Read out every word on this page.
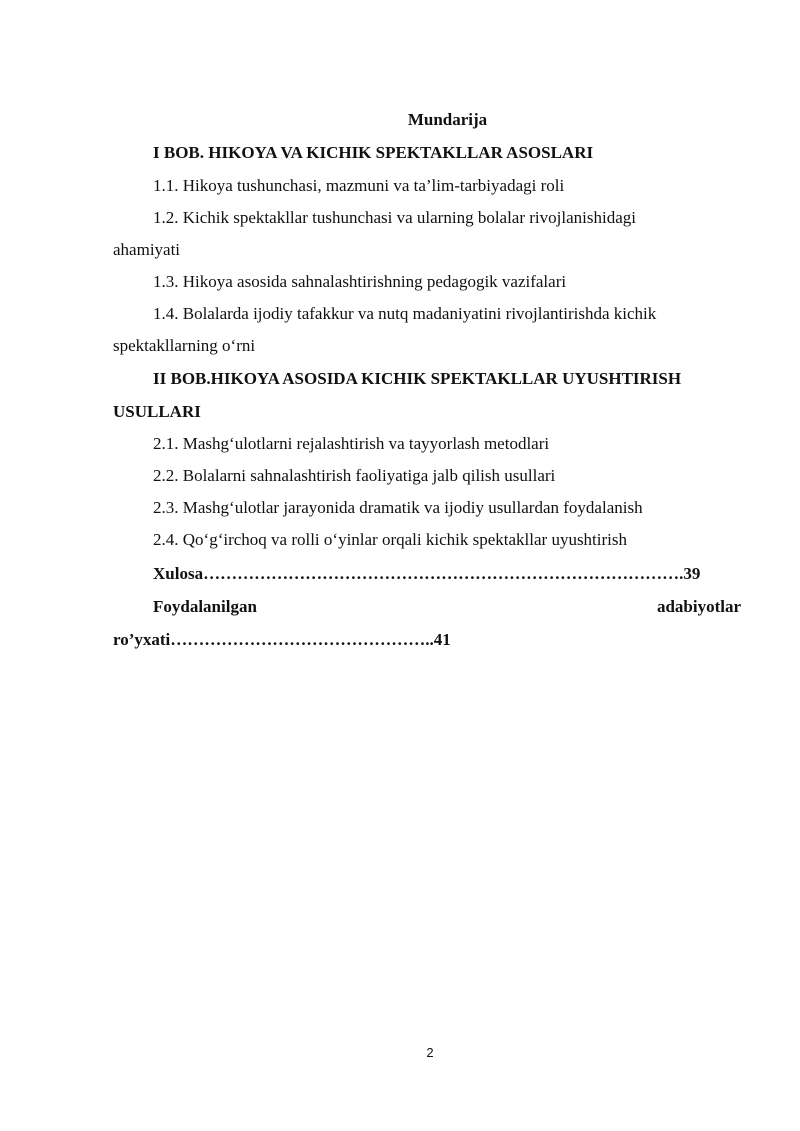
Mundarija
I BOB. HIKOYA VA KICHIK SPEKTAKLLAR ASOSLARI
1.1. Hikoya tushunchasi, mazmuni va ta’lim-tarbiyadagi roli
1.2. Kichik spektakllar tushunchasi va ularning bolalar rivojlanishidagi
ahamiyati
1.3. Hikoya asosida sahnalashtirishning pedagogik vazifalari
1.4. Bolalarda ijodiy tafakkur va nutq madaniyatini rivojlantirishda kichik
spektakllarning o‘rni
II BOB.HIKOYA ASOSIDA KICHIK SPEKTAKLLAR UYUSHTIRISH
USULLARI
2.1. Mashg‘ulotlarni rejalashtirish va tayyorlash metodlari
2.2. Bolalarni sahnalashtirish faoliyatiga jalb qilish usullari
2.3. Mashg‘ulotlar jarayonida dramatik va ijodiy usullardan foydalanish
2.4. Qo‘g‘irchoq va rolli o‘yinlar orqali kichik spektakllar uyushtirish
Xulosa………………………………………………………………………….39
Foydalanilgan	adabiyotlar
ro’yxati………………………………………..41
2
